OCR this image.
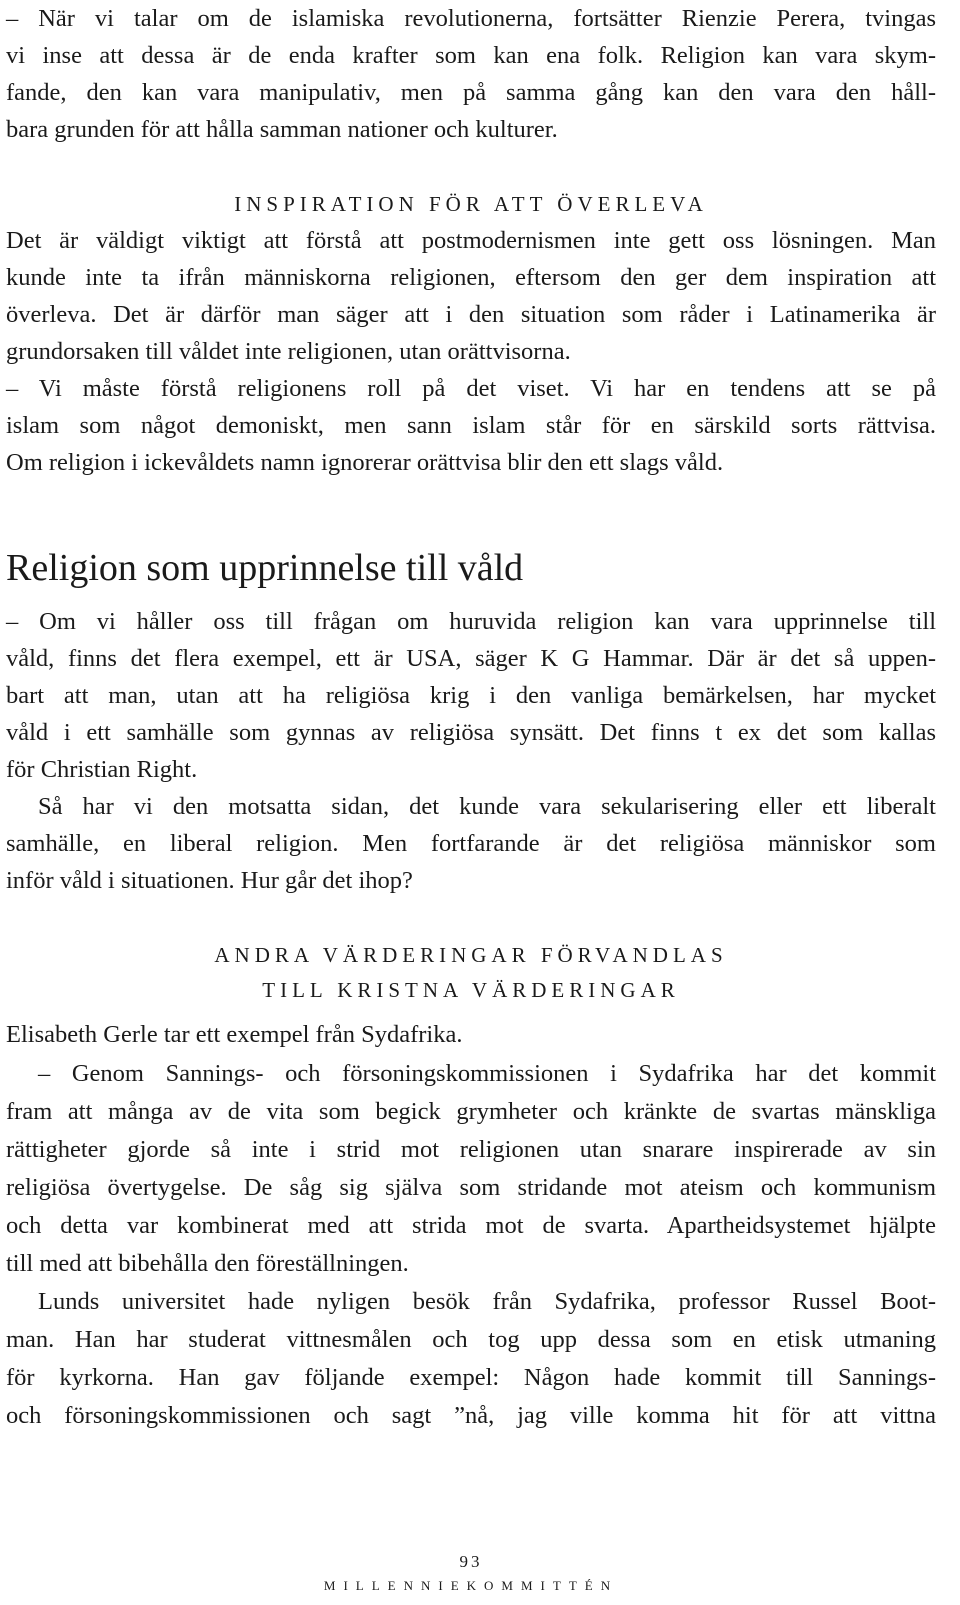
– När vi talar om de islamiska revolutionerna, fortsätter Rienzie Perera, tvingas
vi inse att dessa är de enda krafter som kan ena folk. Religion kan vara skym-
fande, den kan vara manipulativ, men på samma gång kan den vara den håll-
bara grunden för att hålla samman nationer och kulturer.
INSPIRATION FÖR ATT ÖVERLEVA
Det är väldigt viktigt att förstå att postmodernismen inte gett oss lösningen. Man
kunde inte ta ifrån människorna religionen, eftersom den ger dem inspiration att
överleva. Det är därför man säger att i den situation som råder i Latinamerika är
grundorsaken till våldet inte religionen, utan orättvisorna.
– Vi måste förstå religionens roll på det viset. Vi har en tendens att se på
islam som något demoniskt, men sann islam står för en särskild sorts rättvisa.
Om religion i ickevåldets namn ignorerar orättvisa blir den ett slags våld.
Religion som upprinnelse till våld
– Om vi håller oss till frågan om huruvida religion kan vara upprinnelse till
våld, finns det flera exempel, ett är USA, säger K G Hammar. Där är det så uppen-
bart att man, utan att ha religiösa krig i den vanliga bemärkelsen, har mycket
våld i ett samhälle som gynnas av religiösa synsätt. Det finns t ex det som kallas
för Christian Right.
Så har vi den motsatta sidan, det kunde vara sekularisering eller ett liberalt
samhälle, en liberal religion. Men fortfarande är det religiösa människor som
inför våld i situationen. Hur går det ihop?
ANDRA VÄRDERINGAR FÖRVANDLAS
TILL KRISTNA VÄRDERINGAR
Elisabeth Gerle tar ett exempel från Sydafrika.
– Genom Sannings- och försoningskommissionen i Sydafrika har det kommit
fram att många av de vita som begick grymheter och kränkte de svartas mänskliga
rättigheter gjorde så inte i strid mot religionen utan snarare inspirerade av sin
religiösa övertygelse. De såg sig själva som stridande mot ateism och kommunism
och detta var kombinerat med att strida mot de svarta. Apartheidsystemet hjälpte
till med att bibehålla den föreställningen.
Lunds universitet hade nyligen besök från Sydafrika, professor Russel Boot-
man. Han har studerat vittnesmålen och tog upp dessa som en etisk utmaning
för kyrkorna. Han gav följande exempel: Någon hade kommit till Sannings-
och försoningskommissionen och sagt ”nå, jag ville komma hit för att vittna
93
MILLENNIEKOMMITTÉN
